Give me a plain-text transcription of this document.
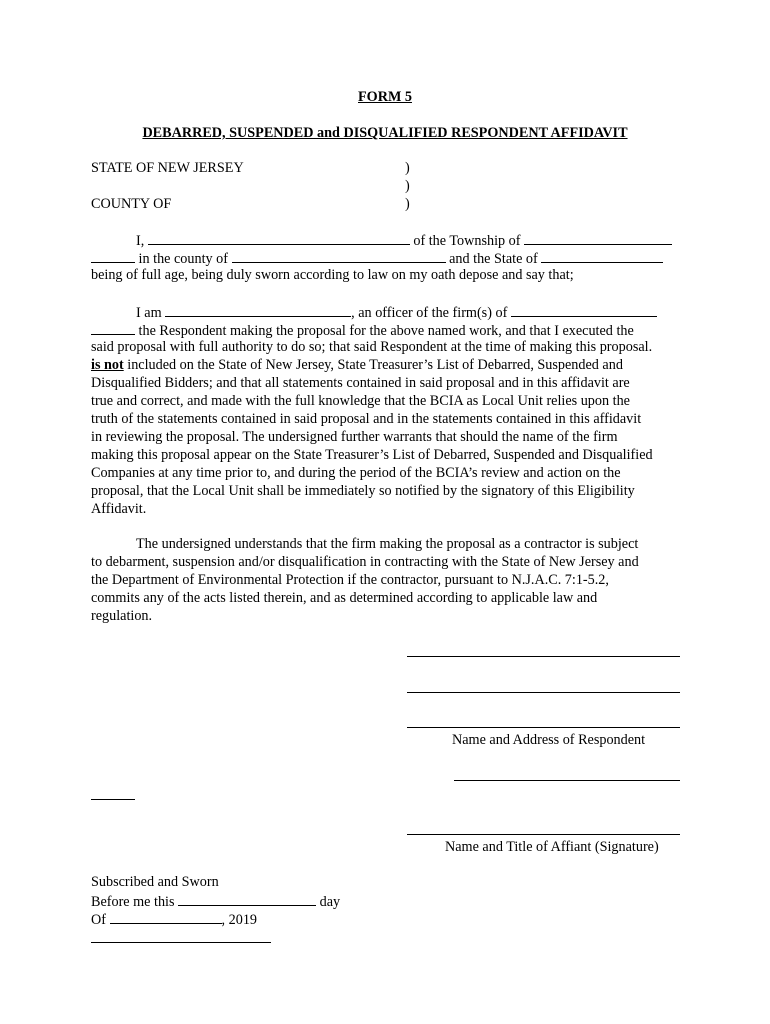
FORM 5
DEBARRED, SUSPENDED and DISQUALIFIED RESPONDENT AFFIDAVIT
STATE OF NEW JERSEY	)
)
COUNTY OF	)
I,	of the Township of
in the county of	and the State of
being of full age, being duly sworn according to law on my oath depose and say that;
I am	, an officer of the firm(s) of
the Respondent making the proposal for the above named work, and that I executed the
said proposal with full authority to do so; that said Respondent at the time of making this proposal.
is not included on the State of New Jersey, State Treasurer’s List of Debarred, Suspended and
Disqualified Bidders; and that all statements contained in said proposal and in this affidavit are
true and correct, and made with the full knowledge that the BCIA as Local Unit relies upon the
truth of the statements contained in said proposal and in the statements contained in this affidavit
in reviewing the proposal. The undersigned further warrants that should the name of the firm
making this proposal appear on the State Treasurer’s List of Debarred, Suspended and Disqualified
Companies at any time prior to, and during the period of the BCIA’s review and action on the
proposal, that the Local Unit shall be immediately so notified by the signatory of this Eligibility
Affidavit.
The undersigned understands that the firm making the proposal as a contractor is subject
to debarment, suspension and/or disqualification in contracting with the State of New Jersey and
the Department of Environmental Protection if the contractor, pursuant to N.J.A.C. 7:1-5.2,
commits any of the acts listed therein, and as determined according to applicable law and
regulation.
Name and Address of Respondent
Name and Title of Affiant (Signature)
Subscribed and Sworn
Before me this	day
Of	, 2019
